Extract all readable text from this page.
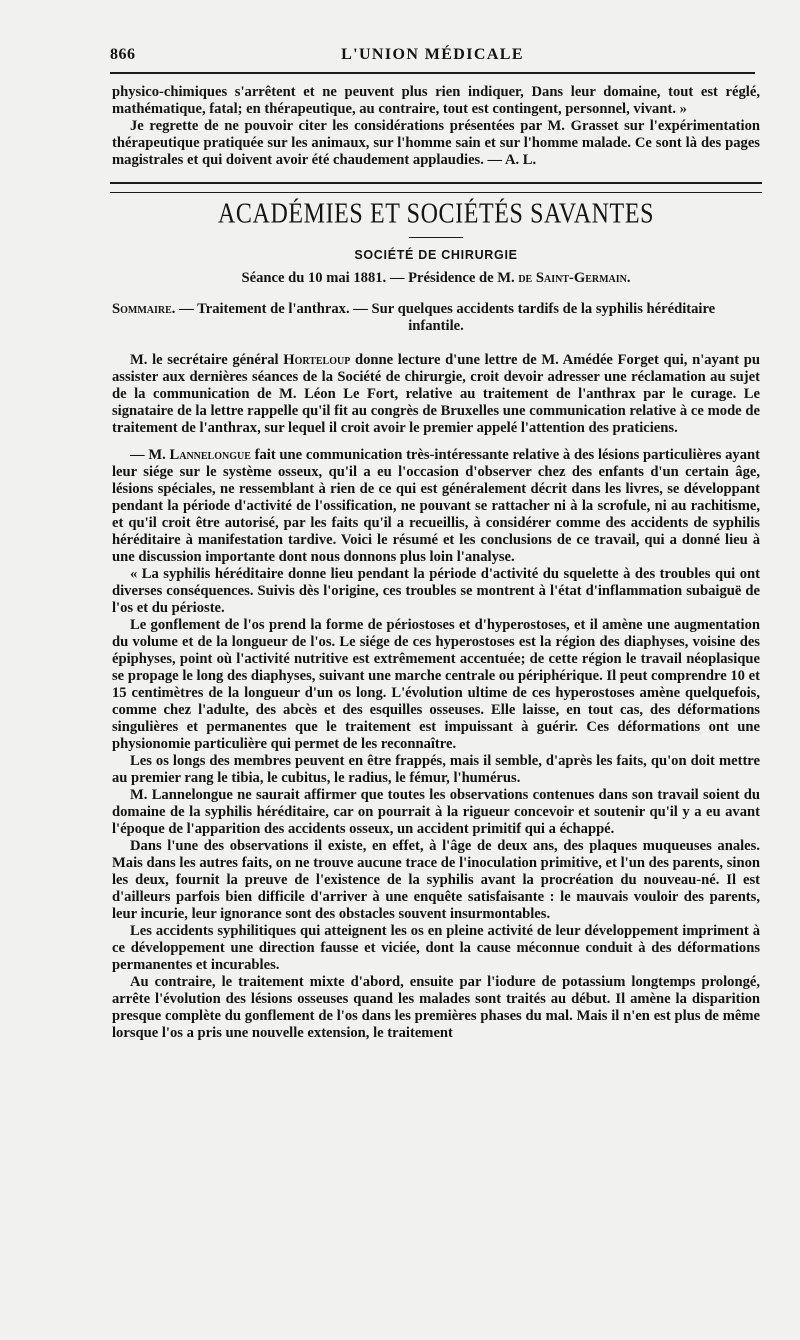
866	L'UNION MÉDICALE

physico-chimiques s'arrêtent et ne peuvent plus rien indiquer, Dans leur domaine, tout est réglé, mathématique, fatal; en thérapeutique, au contraire, tout est contingent, personnel, vivant. »

Je regrette de ne pouvoir citer les considérations présentées par M. Grasset sur l'expérimentation thérapeutique pratiquée sur les animaux, sur l'homme sain et sur l'homme malade. Ce sont là des pages magistrales et qui doivent avoir été chaudement applaudies. — A. L.

ACADÉMIES ET SOCIÉTÉS SAVANTES
SOCIÉTÉ DE CHIRURGIE

Séance du 10 mai 1881. — Présidence de M. de Saint-Germain.

Sommaire. — Traitement de l'anthrax. — Sur quelques accidents tardifs de la syphilis héréditaire

infantile.

M. le secrétaire général Horteloup donne lecture d'une lettre de M. Amédée Forget qui, n'ayant pu assister aux dernières séances de la Société de chirurgie, croit devoir adresser une réclamation au sujet de la communication de M. Léon Le Fort, relative au traitement de l'anthrax par le curage. Le signataire de la lettre rappelle qu'il fit au congrès de Bruxelles une communication relative à ce mode de traitement de l'anthrax, sur lequel il croit avoir le premier appelé l'attention des praticiens.

— M. Lannelongue fait une communication très-intéressante relative à des lésions particulières ayant leur siége sur le système osseux, qu'il a eu l'occasion d'observer chez des enfants d'un certain âge, lésions spéciales, ne ressemblant à rien de ce qui est généralement décrit dans les livres, se développant pendant la période d'activité de l'ossification, ne pouvant se rattacher ni à la scrofule, ni au rachitisme, et qu'il croit être autorisé, par les faits qu'il a recueillis, à considérer comme des accidents de syphilis héréditaire à manifestation tardive. Voici le résumé et les conclusions de ce travail, qui a donné lieu à une discussion importante dont nous donnons plus loin l'analyse.

« La syphilis héréditaire donne lieu pendant la période d'activité du squelette à des troubles qui ont diverses conséquences. Suivis dès l'origine, ces troubles se montrent à l'état d'inflammation subaiguë de l'os et du périoste.

Le gonflement de l'os prend la forme de périostoses et d'hyperostoses, et il amène une augmentation du volume et de la longueur de l'os. Le siége de ces hyperostoses est la région des diaphyses, voisine des épiphyses, point où l'activité nutritive est extrêmement accentuée; de cette région le travail néoplasique se propage le long des diaphyses, suivant une marche centrale ou périphérique. Il peut comprendre 10 et 15 centimètres de la longueur d'un os long. L'évolution ultime de ces hyperostoses amène quelquefois, comme chez l'adulte, des abcès et des esquilles osseuses. Elle laisse, en tout cas, des déformations singulières et permanentes que le traitement est impuissant à guérir. Ces déformations ont une physionomie particulière qui permet de les reconnaître.

Les os longs des membres peuvent en être frappés, mais il semble, d'après les faits, qu'on doit mettre au premier rang le tibia, le cubitus, le radius, le fémur, l'humérus.

M. Lannelongue ne saurait affirmer que toutes les observations contenues dans son travail soient du domaine de la syphilis héréditaire, car on pourrait à la rigueur concevoir et soutenir qu'il y a eu avant l'époque de l'apparition des accidents osseux, un accident primitif qui a échappé.

Dans l'une des observations il existe, en effet, à l'âge de deux ans, des plaques muqueuses anales. Mais dans les autres faits, on ne trouve aucune trace de l'inoculation primitive, et l'un des parents, sinon les deux, fournit la preuve de l'existence de la syphilis avant la procréation du nouveau-né. Il est d'ailleurs parfois bien difficile d'arriver à une enquête satisfaisante : le mauvais vouloir des parents, leur incurie, leur ignorance sont des obstacles souvent insurmontables.

Les accidents syphilitiques qui atteignent les os en pleine activité de leur développement impriment à ce développement une direction fausse et viciée, dont la cause méconnue conduit à des déformations permanentes et incurables.

Au contraire, le traitement mixte d'abord, ensuite par l'iodure de potassium longtemps prolongé, arrête l'évolution des lésions osseuses quand les malades sont traités au début. Il amène la disparition presque complète du gonflement de l'os dans les premières phases du mal. Mais il n'en est plus de même lorsque l'os a pris une nouvelle extension, le traitement
